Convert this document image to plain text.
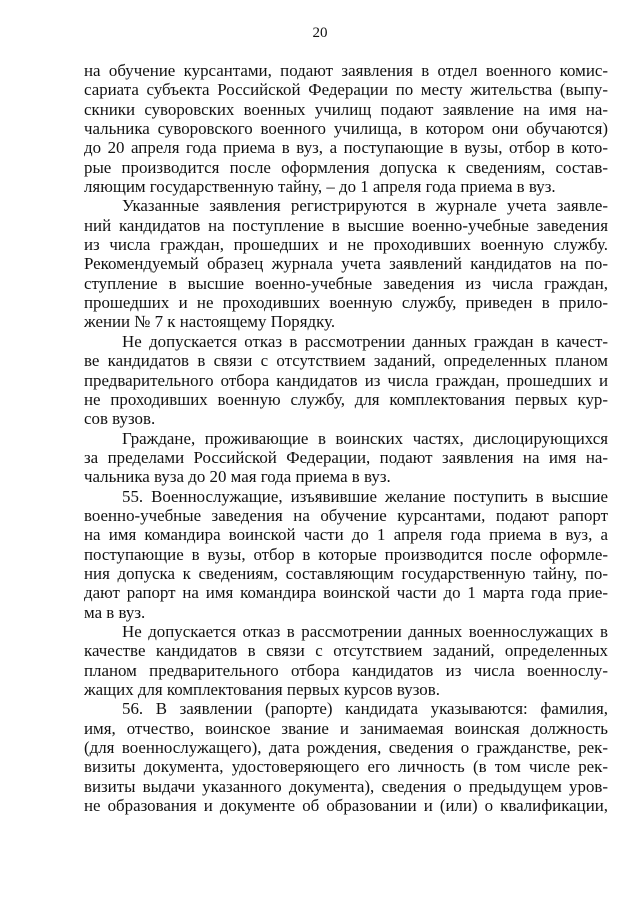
20
на обучение курсантами, подают заявления в отдел военного комис-
сариата субъекта Российской Федерации по месту жительства (выпу-
скники суворовских военных училищ подают заявление на имя на-
чальника суворовского военного училища, в котором они обучаются)
до 20 апреля года приема в вуз, а поступающие в вузы, отбор в кото-
рые производится после оформления допуска к сведениям, состав-
ляющим государственную тайну, – до 1 апреля года приема в вуз.
Указанные заявления регистрируются в журнале учета заявле-
ний кандидатов на поступление в высшие военно-учебные заведения
из числа граждан, прошедших и не проходивших военную службу.
Рекомендуемый образец журнала учета заявлений кандидатов на по-
ступление в высшие военно-учебные заведения из числа граждан,
прошедших и не проходивших военную службу, приведен в прило-
жении № 7 к настоящему Порядку.
Не допускается отказ в рассмотрении данных граждан в качест-
ве кандидатов в связи с отсутствием заданий, определенных планом
предварительного отбора кандидатов из числа граждан, прошедших и
не проходивших военную службу, для комплектования первых кур-
сов вузов.
Граждане, проживающие в воинских частях, дислоцирующихся
за пределами Российской Федерации, подают заявления на имя на-
чальника вуза до 20 мая года приема в вуз.
55. Военнослужащие, изъявившие желание поступить в высшие
военно-учебные заведения на обучение курсантами, подают рапорт
на имя командира воинской части до 1 апреля года приема в вуз, а
поступающие в вузы, отбор в которые производится после оформле-
ния допуска к сведениям, составляющим государственную тайну, по-
дают рапорт на имя командира воинской части до 1 марта года прие-
ма в вуз.
Не допускается отказ в рассмотрении данных военнослужащих в
качестве кандидатов в связи с отсутствием заданий, определенных
планом предварительного отбора кандидатов из числа военнослу-
жащих для комплектования первых курсов вузов.
56. В заявлении (рапорте) кандидата указываются: фамилия,
имя, отчество, воинское звание и занимаемая воинская должность
(для военнослужащего), дата рождения, сведения о гражданстве, рек-
визиты документа, удостоверяющего его личность (в том числе рек-
визиты выдачи указанного документа), сведения о предыдущем уров-
не образования и документе об образовании и (или) о квалификации,
